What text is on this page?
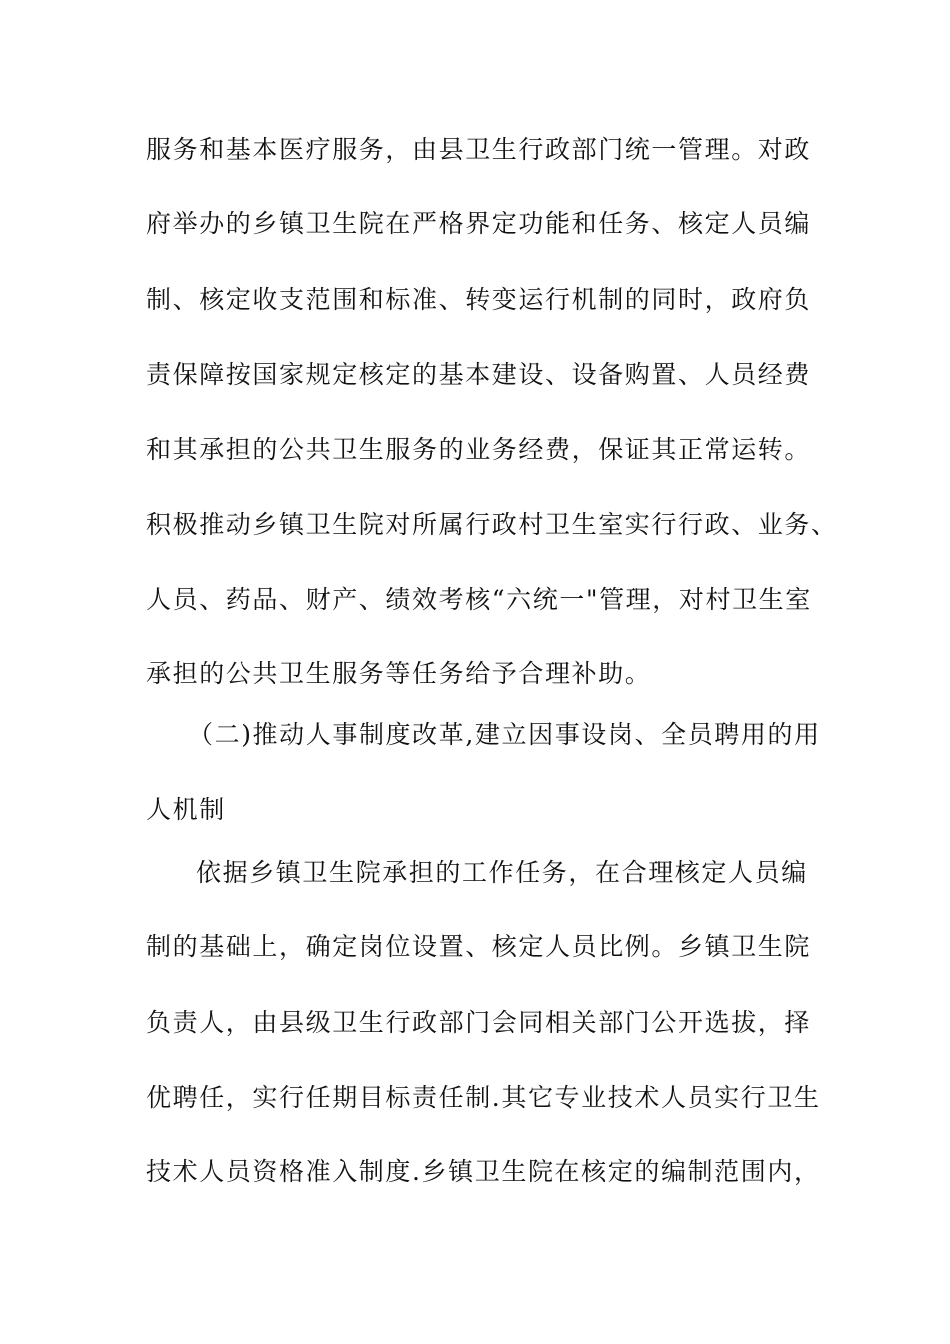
服务和基本医疗服务，由县卫生行政部门统一管理。对政
府举办的乡镇卫生院在严格界定功能和任务、核定人员编
制、核定收支范围和标准、转变运行机制的同时，政府负
责保障按国家规定核定的基本建设、设备购置、人员经费
和其承担的公共卫生服务的业务经费，保证其正常运转。
积极推动乡镇卫生院对所属行政村卫生室实行行政、业务、
人员、药品、财产、绩效考核“六统一"管理，对村卫生室
承担的公共卫生服务等任务给予合理补助。
（二)推动人事制度改革,建立因事设岗、全员聘用的用
人机制
依据乡镇卫生院承担的工作任务，在合理核定人员编
制的基础上，确定岗位设置、核定人员比例。乡镇卫生院
负责人，由县级卫生行政部门会同相关部门公开选拔，择
优聘任，实行任期目标责任制.其它专业技术人员实行卫生
技术人员资格准入制度.乡镇卫生院在核定的编制范围内，
